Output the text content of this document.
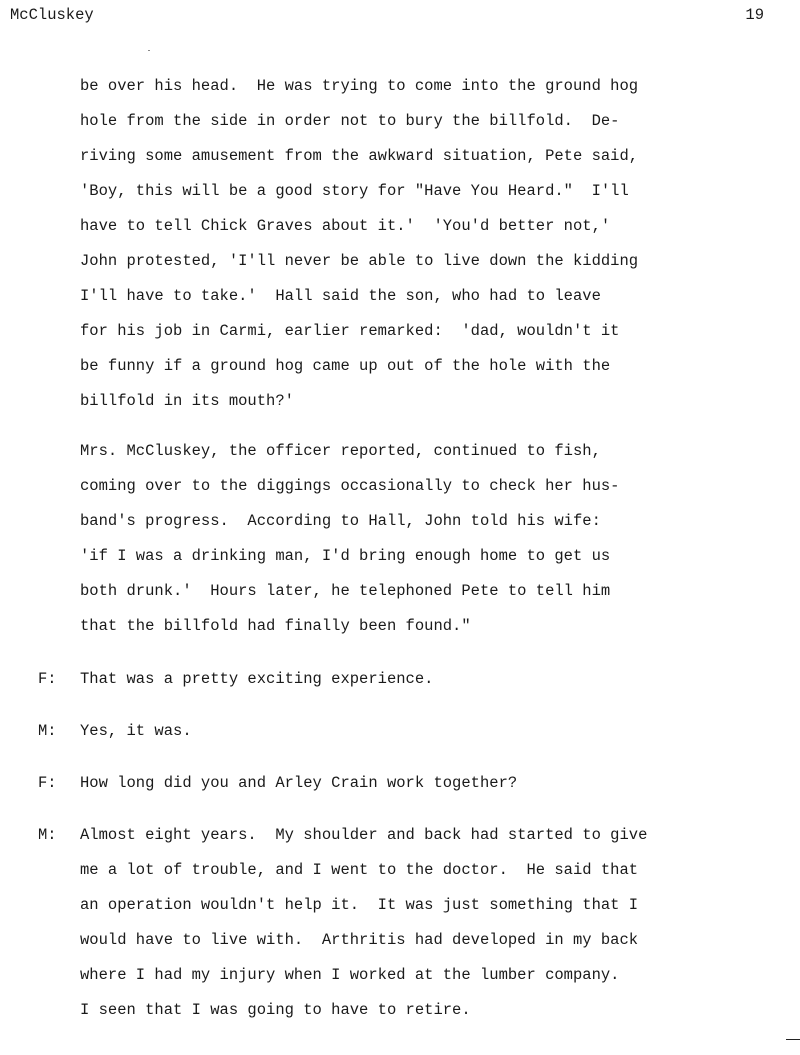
McCluskey	19
be over his head.  He was trying to come into the ground hog
hole from the side in order not to bury the billfold.  De-
riving some amusement from the awkward situation, Pete said,
'Boy, this will be a good story for "Have You Heard."  I'll
have to tell Chick Graves about it.'  'You'd better not,'
John protested, 'I'll never be able to live down the kidding
I'll have to take.'  Hall said the son, who had to leave
for his job in Carmi, earlier remarked:  'dad, wouldn't it
be funny if a ground hog came up out of the hole with the
billfold in its mouth?'
Mrs. McCluskey, the officer reported, continued to fish,
coming over to the diggings occasionally to check her hus-
band's progress.  According to Hall, John told his wife:
'if I was a drinking man, I'd bring enough home to get us
both drunk.'  Hours later, he telephoned Pete to tell him
that the billfold had finally been found."
F: That was a pretty exciting experience.
M: Yes, it was.
F: How long did you and Arley Crain work together?
M: Almost eight years.  My shoulder and back had started to give
me a lot of trouble, and I went to the doctor.  He said that
an operation wouldn't help it.  It was just something that I
would have to live with.  Arthritis had developed in my back
where I had my injury when I worked at the lumber company.
I seen that I was going to have to retire.
